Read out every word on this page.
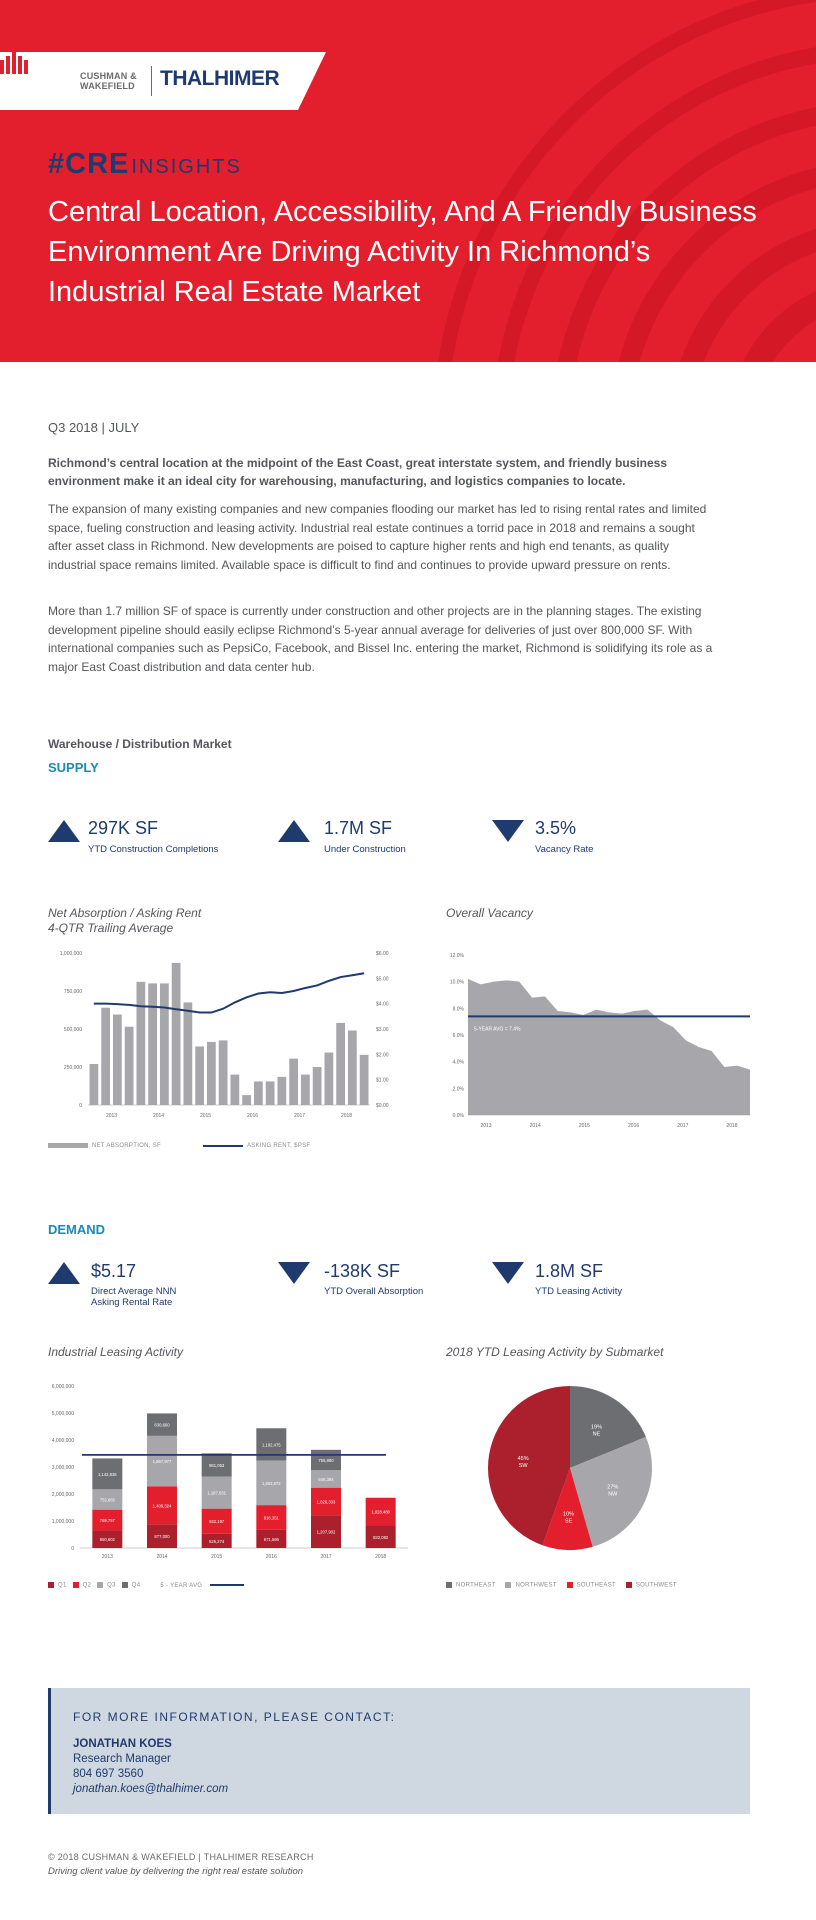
CUSHMAN &
WAKEFIELD THALHIMER
#CRE INSIGHTS
Central Location, Accessibility, And A Friendly Business Environment Are Driving Activity In Richmond’s Industrial Real Estate Market
Q3 2018 | JULY
Richmond’s central location at the midpoint of the East Coast, great interstate system, and friendly business environment make it an ideal city for warehousing, manufacturing, and logistics companies to locate.
The expansion of many existing companies and new companies flooding our market has led to rising rental rates and limited space, fueling construction and leasing activity. Industrial real estate continues a torrid pace in 2018 and remains a sought after asset class in Richmond. New developments are poised to capture higher rents and high end tenants, as quality industrial space remains limited. Available space is difficult to find and continues to provide upward pressure on rents.
More than 1.7 million SF of space is currently under construction and other projects are in the planning stages. The existing development pipeline should easily eclipse Richmond’s 5-year annual average for deliveries of just over 800,000 SF. With international companies such as PepsiCo, Facebook, and Bissel Inc. entering the market, Richmond is solidifying its role as a major East Coast distribution and data center hub.
Warehouse / Distribution Market
SUPPLY
297K SF
YTD Construction Completions
1.7M SF
Under Construction
3.5%
Vacancy Rate
Net Absorption / Asking Rent
4-QTR Trailing Average
Overall Vacancy
0
250,000
500,000
750,000
1,000,000
$0.00
$1.00
$2.00
$3.00
$4.00
$5.00
$6.00
2013	2014	2015	2016	2017	2018
NET ABSORPTION, SF	ASKING RENT, $PSF
0.0%
2.0%
4.0%
6.0%
8.0%
10.0%
12.0%
5-YEAR AVG = 7.4%
2013	2014	2015	2016	2017	2018
DEMAND
$5.17
Direct Average NNN
Asking Rental Rate
-138K SF
YTD Overall Absorption
1.8M SF
YTD Leasing Activity
Industrial Leasing Activity	2018 YTD Leasing Activity by Submarket
0
1,000,000
2,000,000
3,000,000
4,000,000
5,000,000
6,000,000
650,602
769,757
753,665
1,142,836
2013
877,000
1,409,324
1,867,977
830,660
2014
525,274
932,197
1,187,031
861,053
2015
671,566
916,351
1,653,972
1,192,475
2016
1,207,902
1,026,333
646,394
755,880
2017
832,082
1,028,480
2018
Q1	Q2	Q3	Q4	5 - YEAR AVG
19%
NE
27%
NW
10%
SE
45%
SW
NORTHEAST	NORTHWEST	SOUTHEAST	SOUTHWEST
FOR MORE INFORMATION, PLEASE CONTACT:
JONATHAN KOES
Research Manager
804 697 3560
jonathan.koes@thalhimer.com
© 2018 CUSHMAN & WAKEFIELD | THALHIMER RESEARCH
Driving client value by delivering the right real estate solution
